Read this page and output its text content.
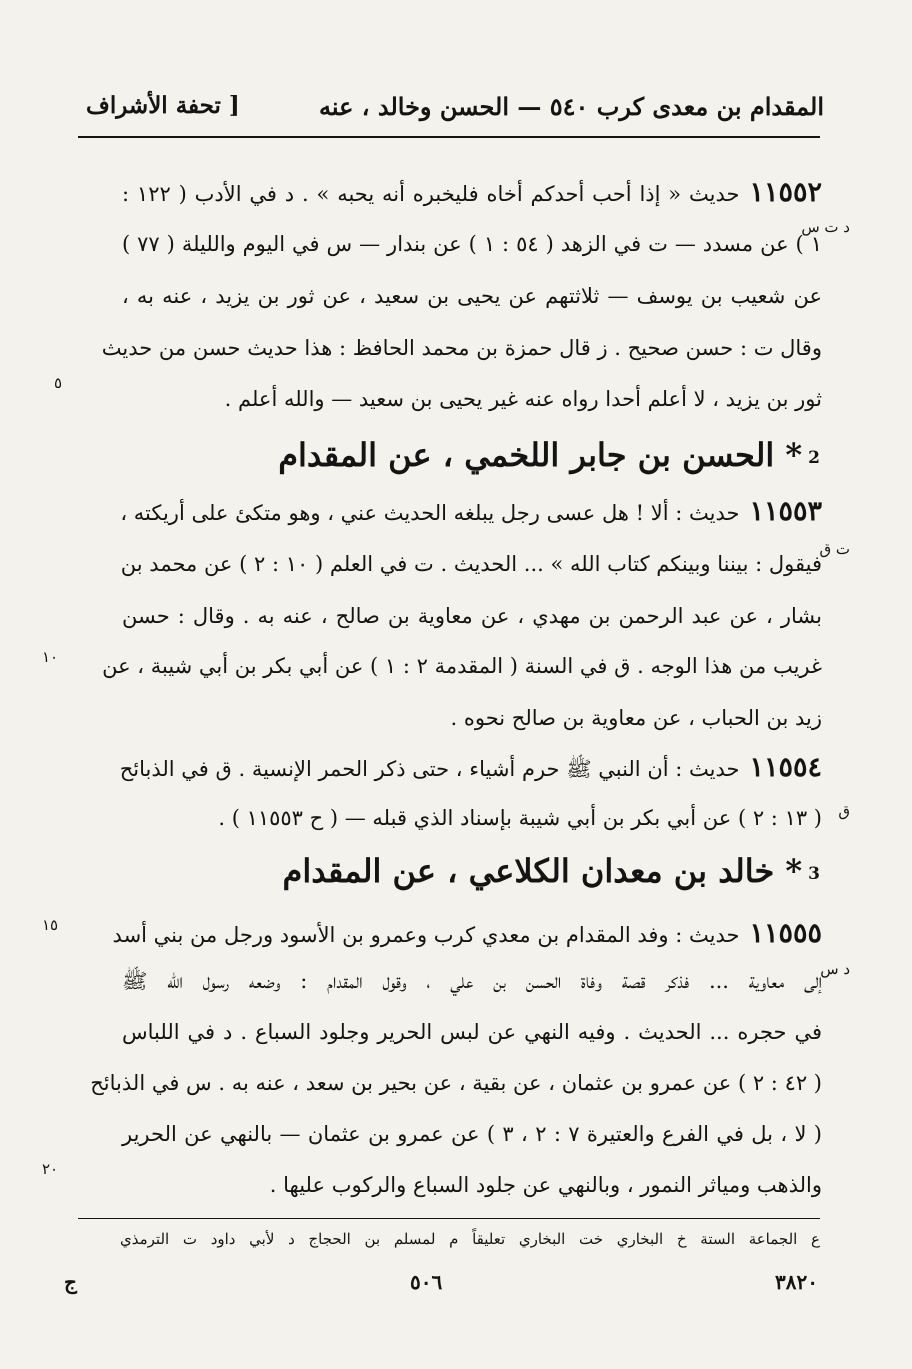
المقدام بن معدی کرب ٥٤٠ — الحسن وخالد ، عنه
[ تحفة الأشراف
١١٥٥٢حديث « إذا أحب أحدكم أخاه فليخبره أنه يحبه » . د في الأدب ( ١٢٢ :
د ت س
١ ) عن مسدد — ت في الزهد ( ٥٤ : ١ ) عن بندار — س في اليوم والليلة ( ٧٧ )
عن شعيب بن يوسف — ثلاثتهم عن يحيى بن سعيد ، عن ثور بن يزيد ، عنه به ،
وقال ت : حسن صحيح . ز قال حمزة بن محمد الحافظ : هذا حديث حسن من حديث
ثور بن يزيد ، لا أعلم أحدا رواه عنه غير يحيى بن سعيد — والله أعلم .
٥
2* الحسن بن جابر اللخمي ، عن المقدام
١١٥٥٣حديث : ألا ! هل عسى رجل يبلغه الحديث عني ، وهو متكئ على أريكته ،
ت ق
فيقول : بيننا وبينكم كتاب الله » ... الحديث . ت في العلم ( ١٠ : ٢ ) عن محمد بن
بشار ، عن عبد الرحمن بن مهدي ، عن معاوية بن صالح ، عنه به . وقال : حسن
غريب من هذا الوجه . ق في السنة ( المقدمة ٢ : ١ ) عن أبي بكر بن أبي شيبة ، عن
١٠
زيد بن الحباب ، عن معاوية بن صالح نحوه .
١١٥٥٤حديث : أن النبي ﷺ حرم أشياء ، حتى ذكر الحمر الإنسية . ق في الذبائح
ق
( ١٣ : ٢ ) عن أبي بكر بن أبي شيبة بإسناد الذي قبله — ( ح ١١٥٥٣ ) .
3* خالد بن معدان الكلاعي ، عن المقدام
١١٥٥٥حديث : وفد المقدام بن معدي كرب وعمرو بن الأسود ورجل من بني أسد
١٥
د س
إلى معاوية ... فذكر قصة وفاة الحسن بن علي ، وقول المقدام : وضعه رسول الله ﷺ
في حجره ... الحديث . وفيه النهي عن لبس الحرير وجلود السباع . د في اللباس
( ٤٢ : ٢ ) عن عمرو بن عثمان ، عن بقية ، عن بحير بن سعد ، عنه به . س في الذبائح
( لا ، بل في الفرع والعتيرة ٧ : ٢ ، ٣ ) عن عمرو بن عثمان — بالنهي عن الحرير
والذهب ومياثر النمور ، وبالنهي عن جلود السباع والركوب عليها .
٢٠
ع الجماعة الستة خ البخاري خت البخاري تعليقاً م لمسلم بن الحجاج د لأبي داود ت الترمذي
ج	٥٠٦	٣٨٢٠
